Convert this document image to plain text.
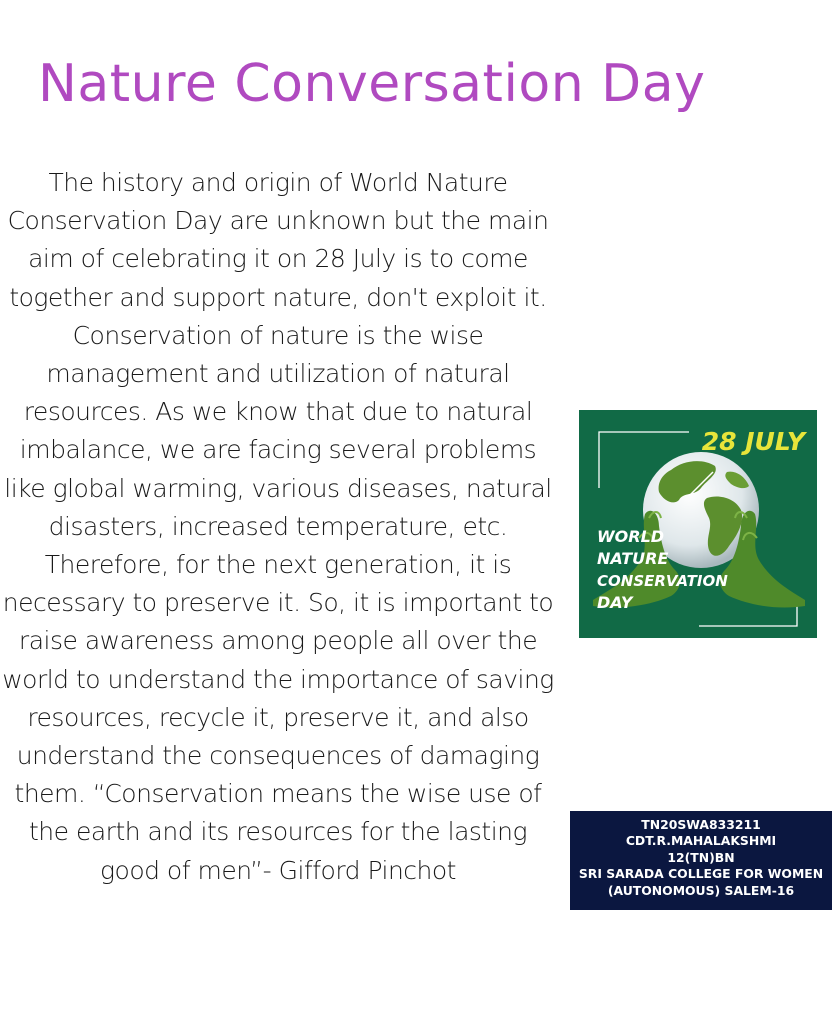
Nature Conversation Day

The history and origin of World Nature Conservation Day are unknown but the main aim of celebrating it on 28 July is to come together and support nature, don't exploit it. Conservation of nature is the wise management and utilization of natural resources. As we know that due to natural imbalance, we are facing several problems like global warming, various diseases, natural disasters, increased temperature, etc. Therefore, for the next generation, it is necessary to preserve it. So, it is important to raise awareness among people all over the world to understand the importance of saving resources, recycle it, preserve it, and also understand the consequences of damaging them. “Conservation means the wise use of the earth and its resources for the lasting good of men”- Gifford Pinchot

28 JULY
WORLD
NATURE
CONSERVATION
DAY
TN20SWA833211
CDT.R.MAHALAKSHMI
12(TN)BN
SRI SARADA COLLEGE FOR WOMEN
(AUTONOMOUS) SALEM-16
